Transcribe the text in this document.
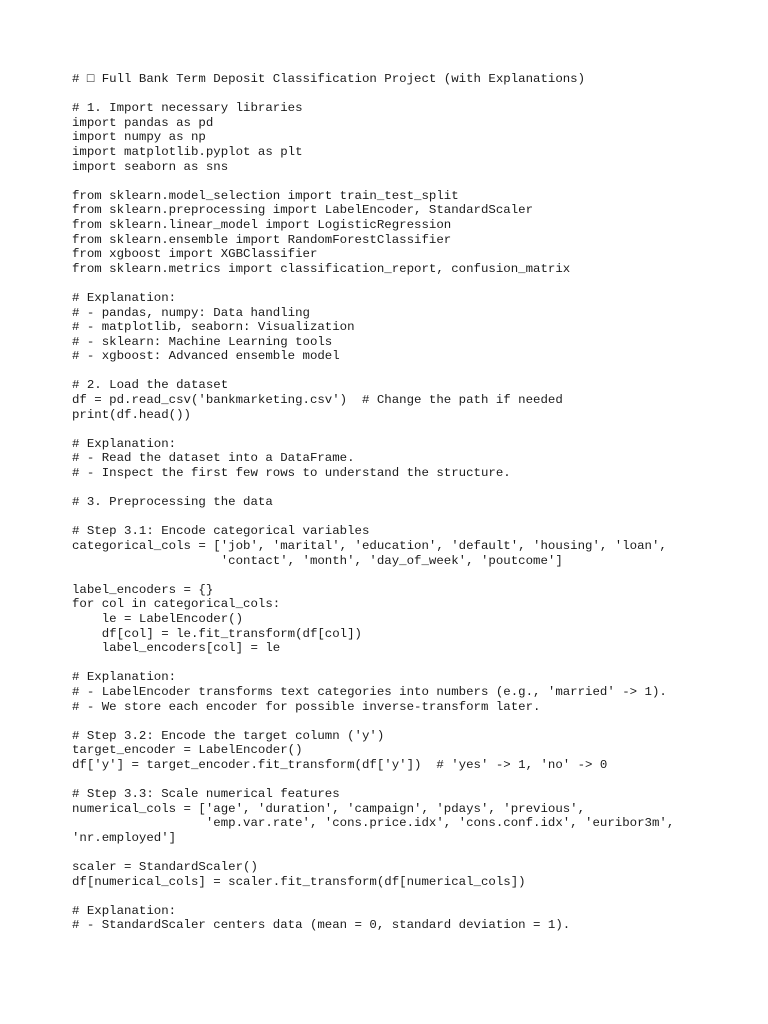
# □ Full Bank Term Deposit Classification Project (with Explanations)
# 1. Import necessary libraries
import pandas as pd
import numpy as np
import matplotlib.pyplot as plt
import seaborn as sns
from sklearn.model_selection import train_test_split
from sklearn.preprocessing import LabelEncoder, StandardScaler
from sklearn.linear_model import LogisticRegression
from sklearn.ensemble import RandomForestClassifier
from xgboost import XGBClassifier
from sklearn.metrics import classification_report, confusion_matrix
# Explanation:
# - pandas, numpy: Data handling
# - matplotlib, seaborn: Visualization
# - sklearn: Machine Learning tools
# - xgboost: Advanced ensemble model
# 2. Load the dataset
df = pd.read_csv('bankmarketing.csv')  # Change the path if needed
print(df.head())
# Explanation:
# - Read the dataset into a DataFrame.
# - Inspect the first few rows to understand the structure.
# 3. Preprocessing the data
# Step 3.1: Encode categorical variables
categorical_cols = ['job', 'marital', 'education', 'default', 'housing', 'loan',
'contact', 'month', 'day_of_week', 'poutcome']
label_encoders = {}
for col in categorical_cols:
le = LabelEncoder()
df[col] = le.fit_transform(df[col])
label_encoders[col] = le
# Explanation:
# - LabelEncoder transforms text categories into numbers (e.g., 'married' -> 1).
# - We store each encoder for possible inverse-transform later.
# Step 3.2: Encode the target column ('y')
target_encoder = LabelEncoder()
df['y'] = target_encoder.fit_transform(df['y'])  # 'yes' -> 1, 'no' -> 0
# Step 3.3: Scale numerical features
numerical_cols = ['age', 'duration', 'campaign', 'pdays', 'previous',
'emp.var.rate', 'cons.price.idx', 'cons.conf.idx', 'euribor3m',
'nr.employed']
scaler = StandardScaler()
df[numerical_cols] = scaler.fit_transform(df[numerical_cols])
# Explanation:
# - StandardScaler centers data (mean = 0, standard deviation = 1).
